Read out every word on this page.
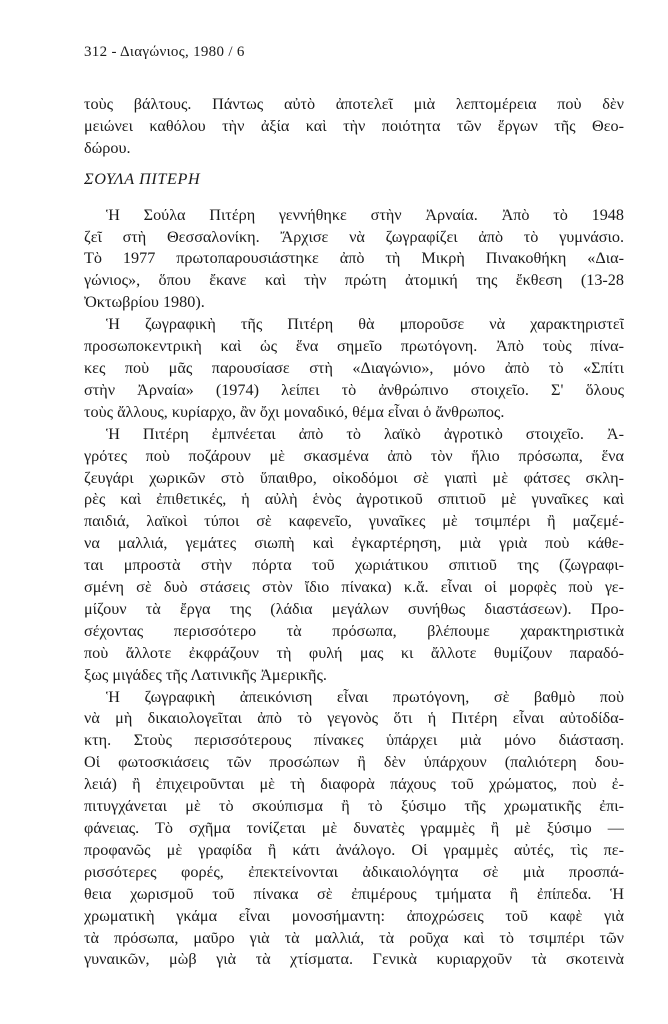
312 - Διαγώνιος, 1980 / 6

τοὺς βάλτους. Πάντως αὐτὸ ἀποτελεῖ μιὰ λεπτομέρεια ποὺ δὲν

μειώνει καθόλου τὴν ἀξία καὶ τὴν ποιότητα τῶν ἔργων τῆς Θεο-

δώρου.

ΣΟΥΛΑ ΠΙΤΕΡΗ

Ἡ Σούλα Πιτέρη γεννήθηκε στὴν Ἀρναία. Ἀπὸ τὸ 1948

ζεῖ στὴ Θεσσαλονίκη. Ἄρχισε νὰ ζωγραφίζει ἀπὸ τὸ γυμνάσιο.

Τὸ 1977 πρωτοπαρουσιάστηκε ἀπὸ τὴ Μικρὴ Πινακοθήκη «Δια-

γώνιος», ὅπου ἔκανε καὶ τὴν πρώτη ἀτομική της ἔκθεση (13-28

Ὀκτωβρίου 1980).

Ἡ ζωγραφικὴ τῆς Πιτέρη θὰ μποροῦσε νὰ χαρακτηριστεῖ

προσωποκεντρικὴ καὶ ὡς ἕνα σημεῖο πρωτόγονη. Ἀπὸ τοὺς πίνα-

κες ποὺ μᾶς παρουσίασε στὴ «Διαγώνιο», μόνο ἀπὸ τὸ «Σπίτι

στὴν Ἀρναία» (1974) λείπει τὸ ἀνθρώπινο στοιχεῖο. Σ' ὅλους

τοὺς ἄλλους, κυρίαρχο, ἂν ὄχι μοναδικό, θέμα εἶναι ὁ ἄνθρωπος.

Ἡ Πιτέρη ἐμπνέεται ἀπὸ τὸ λαϊκὸ ἀγροτικὸ στοιχεῖο. Ἀ-

γρότες ποὺ ποζάρουν μὲ σκασμένα ἀπὸ τὸν ἥλιο πρόσωπα, ἕνα

ζευγάρι χωρικῶν στὸ ὕπαιθρο, οἰκοδόμοι σὲ γιαπὶ μὲ φάτσες σκλη-

ρὲς καὶ ἐπιθετικές, ἡ αὐλὴ ἑνὸς ἀγροτικοῦ σπιτιοῦ μὲ γυναῖκες καὶ

παιδιά, λαϊκοὶ τύποι σὲ καφενεῖο, γυναῖκες μὲ τσιμπέρι ἢ μαζεμέ-

να μαλλιά, γεμάτες σιωπὴ καὶ ἐγκαρτέρηση, μιὰ γριὰ ποὺ κάθε-

ται μπροστὰ στὴν πόρτα τοῦ χωριάτικου σπιτιοῦ της (ζωγραφι-

σμένη σὲ δυὸ στάσεις στὸν ἴδιο πίνακα) κ.ἄ. εἶναι οἱ μορφὲς ποὺ γε-

μίζουν τὰ ἔργα της (λάδια μεγάλων συνήθως διαστάσεων). Προ-

σέχοντας περισσότερο τὰ πρόσωπα, βλέπουμε χαρακτηριστικὰ

ποὺ ἄλλοτε ἐκφράζουν τὴ φυλή μας κι ἄλλοτε θυμίζουν παραδό-

ξως μιγάδες τῆς Λατινικῆς Ἀμερικῆς.

Ἡ ζωγραφικὴ ἀπεικόνιση εἶναι πρωτόγονη, σὲ βαθμὸ ποὺ

νὰ μὴ δικαιολογεῖται ἀπὸ τὸ γεγονὸς ὅτι ἡ Πιτέρη εἶναι αὐτοδίδα-

κτη. Στοὺς περισσότερους πίνακες ὑπάρχει μιὰ μόνο διάσταση.

Οἱ φωτοσκιάσεις τῶν προσώπων ἢ δὲν ὑπάρχουν (παλιότερη δου-

λειά) ἢ ἐπιχειροῦνται μὲ τὴ διαφορὰ πάχους τοῦ χρώματος, ποὺ ἐ-

πιτυγχάνεται μὲ τὸ σκούπισμα ἢ τὸ ξύσιμο τῆς χρωματικῆς ἐπι-

φάνειας. Τὸ σχῆμα τονίζεται μὲ δυνατὲς γραμμὲς ἢ μὲ ξύσιμο —

προφανῶς μὲ γραφίδα ἢ κάτι ἀνάλογο. Οἱ γραμμὲς αὐτές, τὶς πε-

ρισσότερες φορές, ἐπεκτείνονται ἀδικαιολόγητα σὲ μιὰ προσπά-

θεια χωρισμοῦ τοῦ πίνακα σὲ ἐπιμέρους τμήματα ἢ ἐπίπεδα. Ἡ

χρωματικὴ γκάμα εἶναι μονοσήμαντη: ἀποχρώσεις τοῦ καφὲ γιὰ

τὰ πρόσωπα, μαῦρο γιὰ τὰ μαλλιά, τὰ ροῦχα καὶ τὸ τσιμπέρι τῶν

γυναικῶν, μὼβ γιὰ τὰ χτίσματα. Γενικὰ κυριαρχοῦν τὰ σκοτεινὰ
